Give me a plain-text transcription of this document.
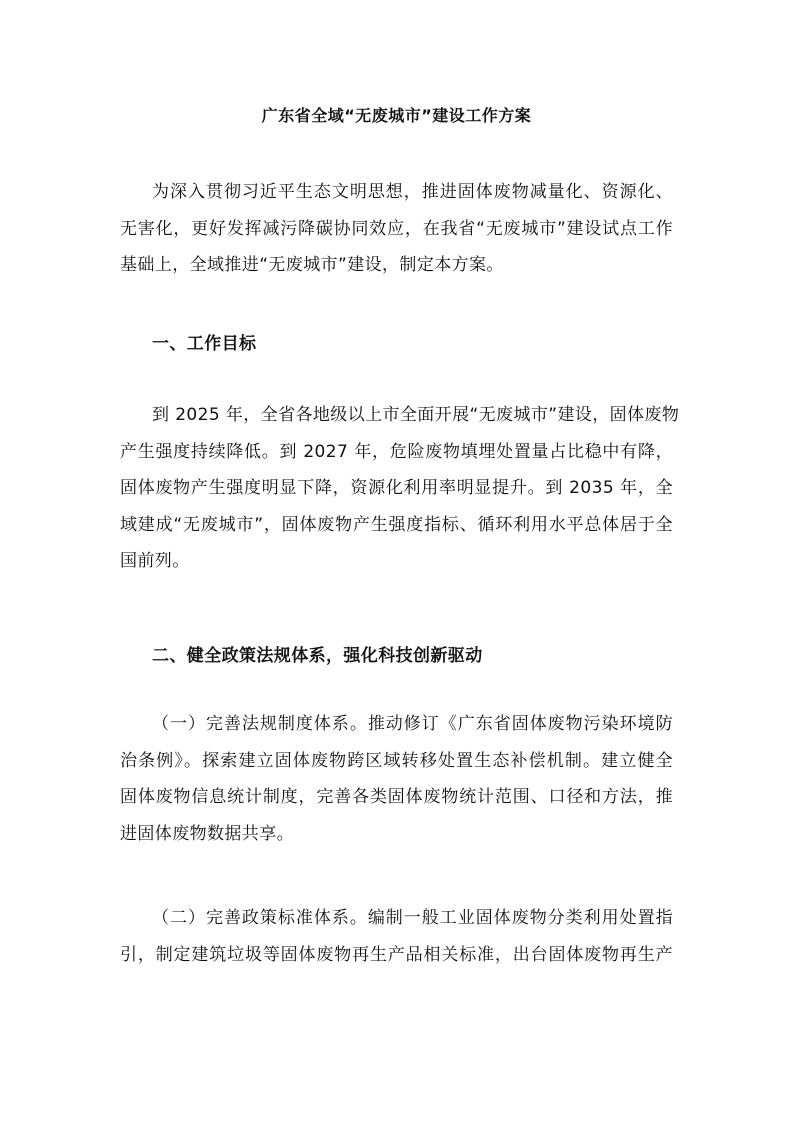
广东省全域“无废城市”建设工作方案
为深入贯彻习近平生态文明思想，推进固体废物减量化、资源化、
无害化，更好发挥减污降碳协同效应，在我省“无废城市”建设试点工作
基础上，全域推进“无废城市”建设，制定本方案。
一、工作目标
到 2025 年，全省各地级以上市全面开展“无废城市”建设，固体废物
产生强度持续降低。到 2027 年，危险废物填埋处置量占比稳中有降，
固体废物产生强度明显下降，资源化利用率明显提升。到 2035 年，全
域建成“无废城市”，固体废物产生强度指标、循环利用水平总体居于全
国前列。
二、健全政策法规体系，强化科技创新驱动
（一）完善法规制度体系。推动修订《广东省固体废物污染环境防
治条例》。探索建立固体废物跨区域转移处置生态补偿机制。建立健全
固体废物信息统计制度，完善各类固体废物统计范围、口径和方法，推
进固体废物数据共享。
（二）完善政策标准体系。编制一般工业固体废物分类利用处置指
引，制定建筑垃圾等固体废物再生产品相关标准，出台固体废物再生产
